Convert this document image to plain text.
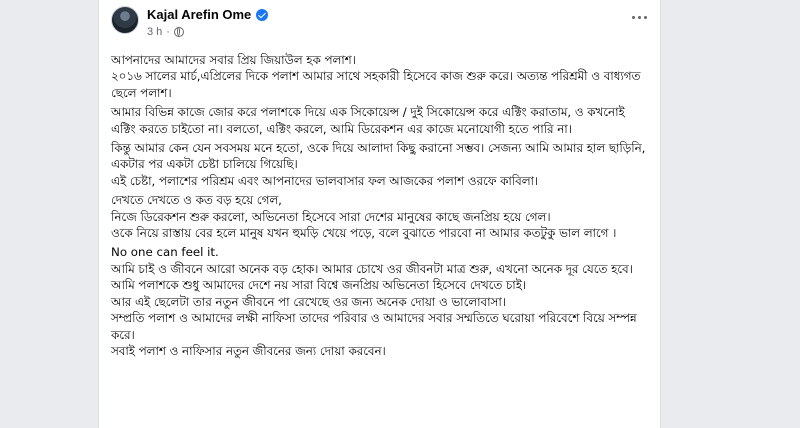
Kajal Arefin Ome
3 h ·
আপনাদের আমাদের সবার প্রিয় জিয়াউল হক পলাশ।
২০১৬ সালের মার্চ,এপ্রিলের দিকে পলাশ আমার সাথে সহকারী হিসেবে কাজ শুরু করে। অত্যন্ত পরিশ্রমী ও বাধ্যগত ছেলে পলাশ।
আমার বিভিন্ন কাজে জোর করে পলাশকে দিয়ে এক সিকোয়েন্স / দুই সিকোয়েন্স করে এক্টিং করাতাম, ও কখনোই এক্টিং করতে চাইতো না। বলতো, এক্টিং করলে, আমি ডিরেকশন এর কাজে মনোযোগী হতে পারি না।
কিন্তু আমার কেন যেন সবসময় মনে হতো, ওকে দিয়ে আলাদা কিছু করানো সম্ভব। সেজন্য আমি আমার হাল ছাড়িনি, একটার পর একটা চেষ্টা চালিয়ে গিয়েছি।
এই চেষ্টা, পলাশের পরিশ্রম এবং আপনাদের ভালবাসার ফল আজকের পলাশ ওরফে কাবিলা।
দেখতে দেখতে ও কত বড় হয়ে গেল,
নিজে ডিরেকশন শুরু করলো, অভিনেতা হিসেবে সারা দেশের মানুষের কাছে জনপ্রিয় হয়ে গেল।
ওকে নিয়ে রাস্তায় বের হলে মানুষ যখন হুমড়ি খেয়ে পড়ে, বলে বুঝাতে পারবো না আমার কতটুকু ভাল লাগে ।
No one can feel it.
আমি চাই ও জীবনে আরো অনেক বড় হোক। আমার চোখে ওর জীবনটা মাত্র শুরু, এখনো অনেক দূর যেতে হবে।
আমি পলাশকে শুধু আমাদের দেশে নয় সারা বিশ্বে জনপ্রিয় অভিনেতা হিসেবে দেখতে চাই।
আর এই ছেলেটা তার নতুন জীবনে পা রেখেছে ওর জন্য অনেক দোয়া ও ভালোবাসা।
সম্প্রতি পলাশ ও আমাদের লক্ষী নাফিসা তাদের পরিবার ও আমাদের সবার সম্মতিতে ঘরোয়া পরিবেশে বিয়ে সম্পন্ন করে।
সবাই পলাশ ও নাফিসার নতুন জীবনের জন্য দোয়া করবেন।
